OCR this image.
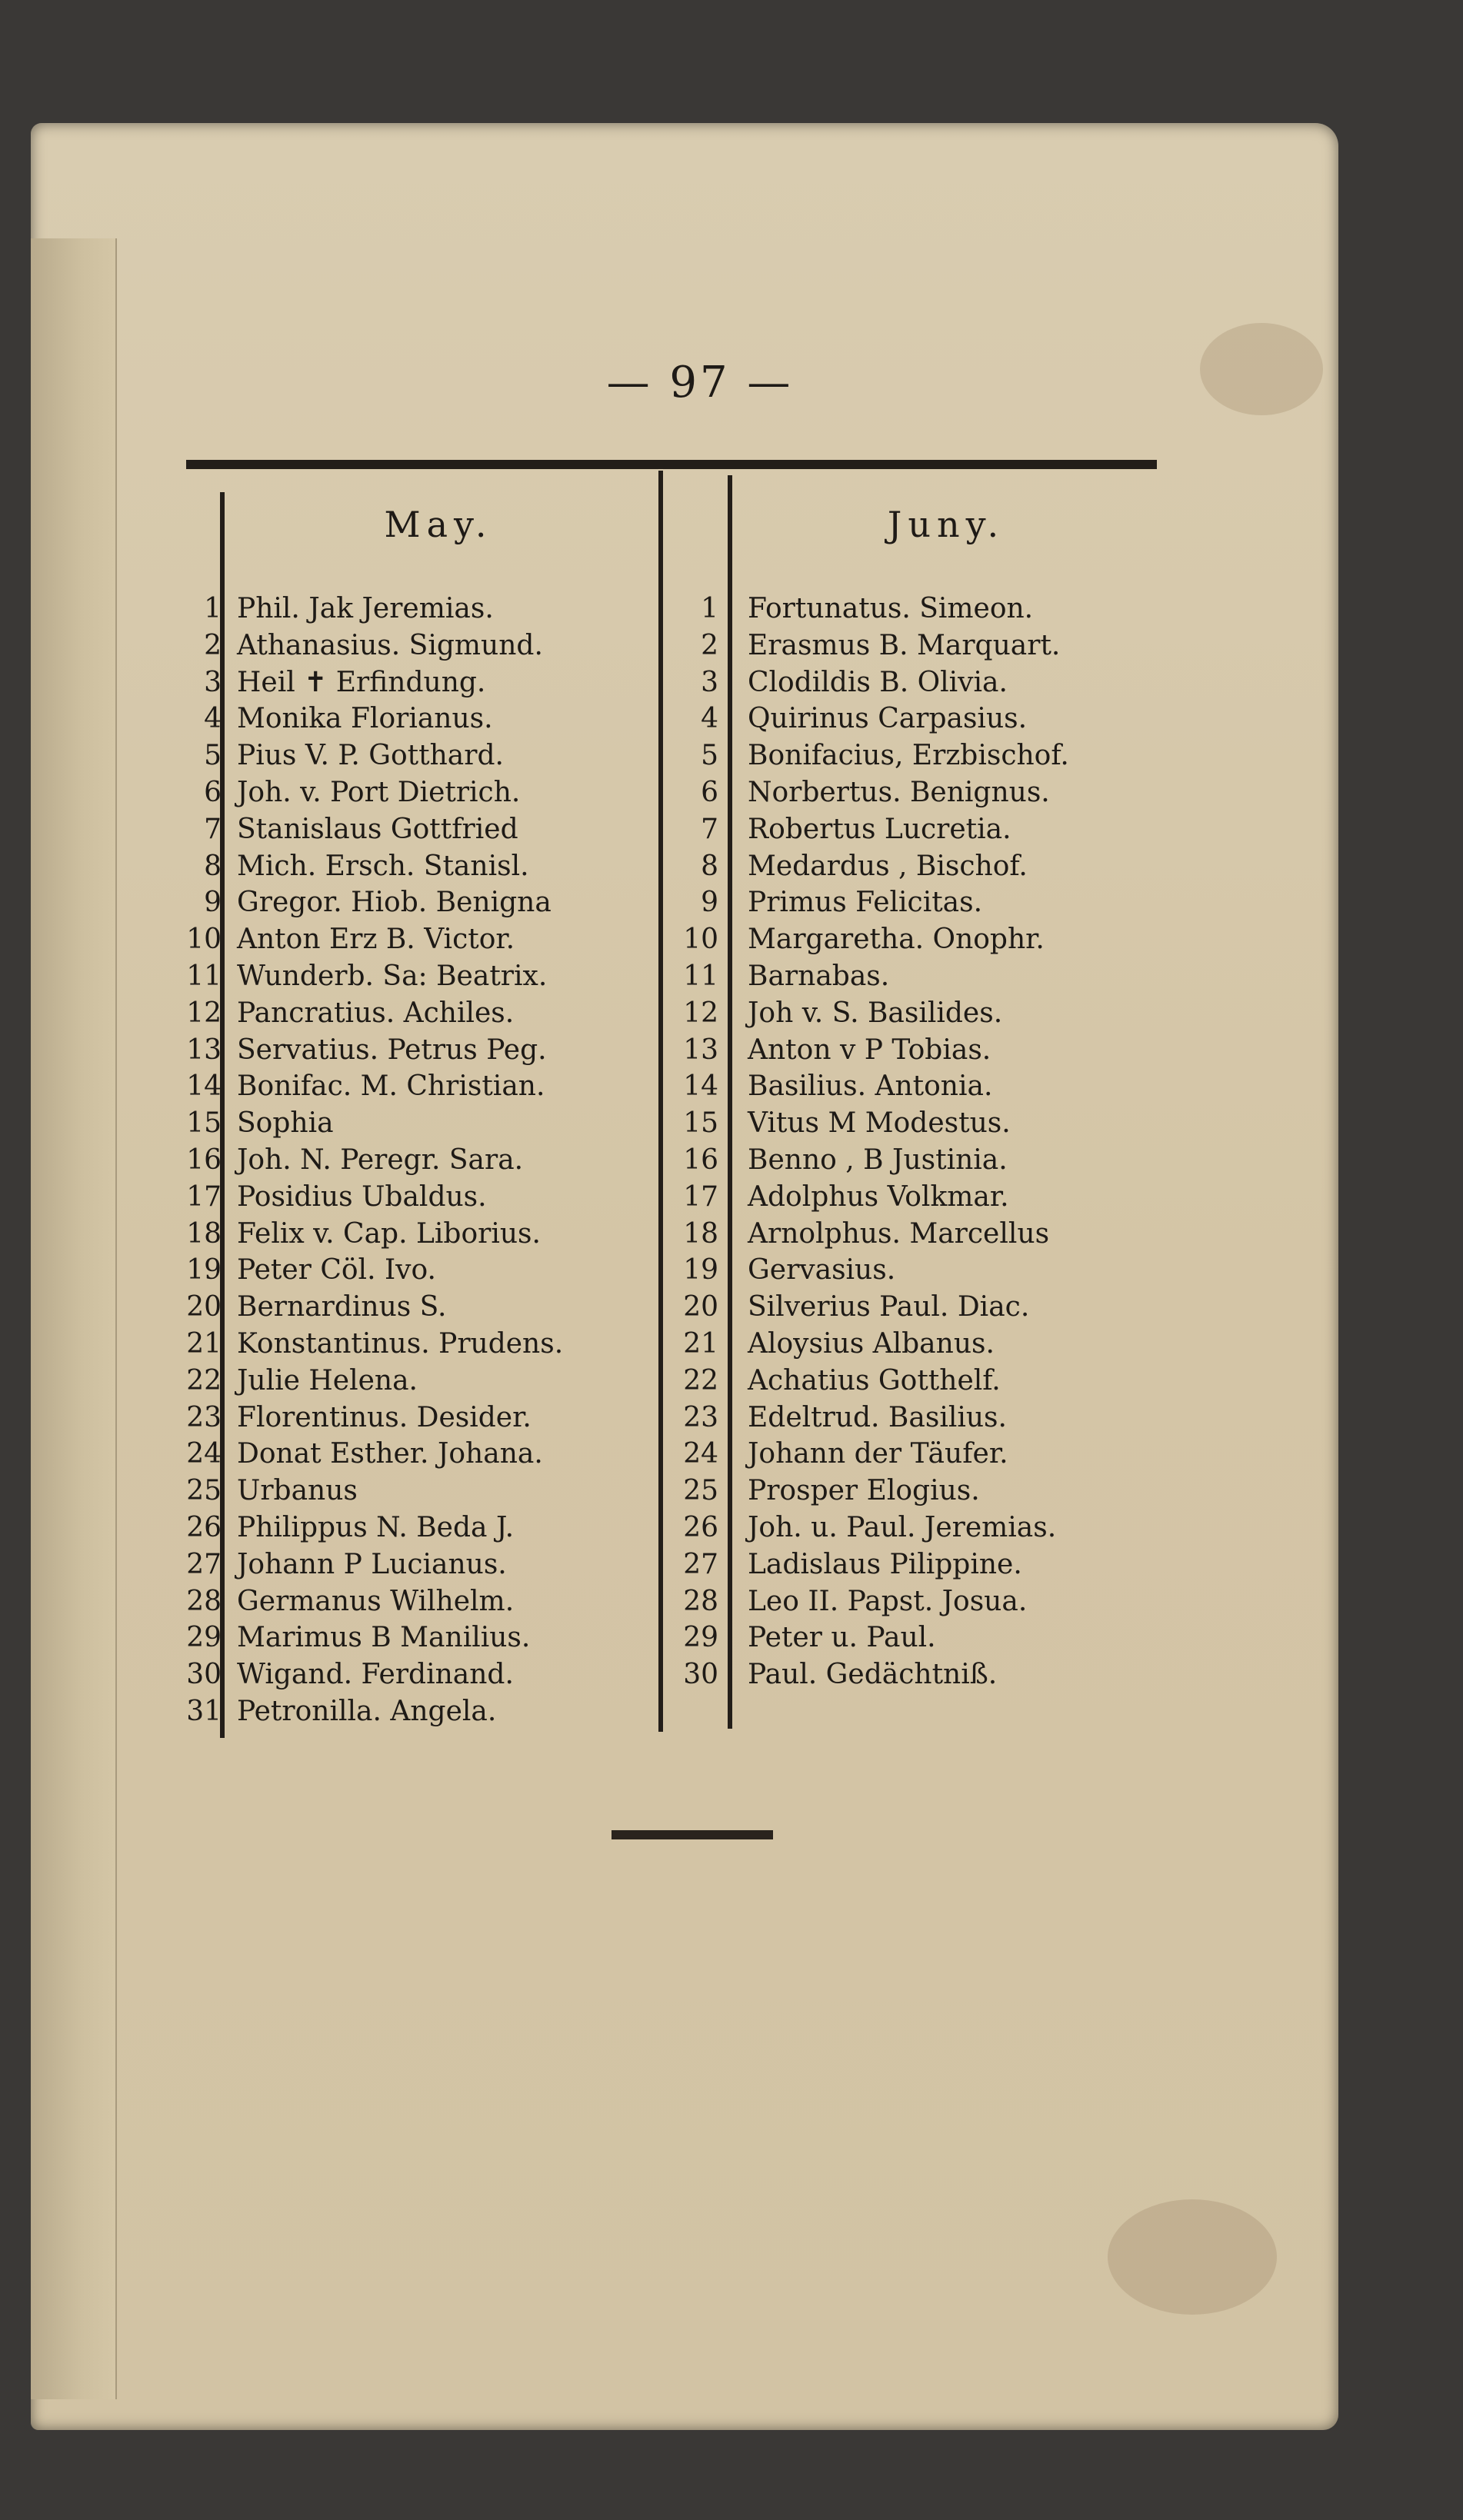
— 97 —
May.	Juny.
1 Phil. Jak Jeremias.
2 Athanasius. Sigmund.
3 Heil ✝ Erfindung.
4 Monika Florianus.
5 Pius V. P. Gotthard.
6 Joh. v. Port Dietrich.
7 Stanislaus Gottfried
8 Mich. Ersch. Stanisl.
9 Gregor. Hiob. Benigna
10 Anton Erz B. Victor.
11 Wunderb. Sa: Beatrix.
12 Pancratius. Achiles.
13 Servatius. Petrus Peg.
14 Bonifac. M. Christian.
15 Sophia
16 Joh. N. Peregr. Sara.
17 Posidius Ubaldus.
18 Felix v. Cap. Liborius.
19 Peter Cöl. Ivo.
20 Bernardinus S.
21 Konstantinus. Prudens.
22 Julie Helena.
23 Florentinus. Desider.
24 Donat Esther. Johana.
25 Urbanus
26 Philippus N. Beda J.
27 Johann P Lucianus.
28 Germanus Wilhelm.
29 Marimus B Manilius.
30 Wigand. Ferdinand.
31 Petronilla. Angela.
1 Fortunatus. Simeon.
2 Erasmus B. Marquart.
3 Clodildis B. Olivia.
4 Quirinus Carpasius.
5 Bonifacius, Erzbischof.
6 Norbertus. Benignus.
7 Robertus Lucretia.
8 Medardus , Bischof.
9 Primus Felicitas.
10 Margaretha. Onophr.
11 Barnabas.
12 Joh v. S. Basilides.
13 Anton v P Tobias.
14 Basilius. Antonia.
15 Vitus M Modestus.
16 Benno , B Justinia.
17 Adolphus Volkmar.
18 Arnolphus. Marcellus
19 Gervasius.
20 Silverius Paul. Diac.
21 Aloysius Albanus.
22 Achatius Gotthelf.
23 Edeltrud. Basilius.
24 Johann der Täufer.
25 Prosper Elogius.
26 Joh. u. Paul. Jeremias.
27 Ladislaus Pilippine.
28 Leo II. Papst. Josua.
29 Peter u. Paul.
30 Paul. Gedächtniß.
